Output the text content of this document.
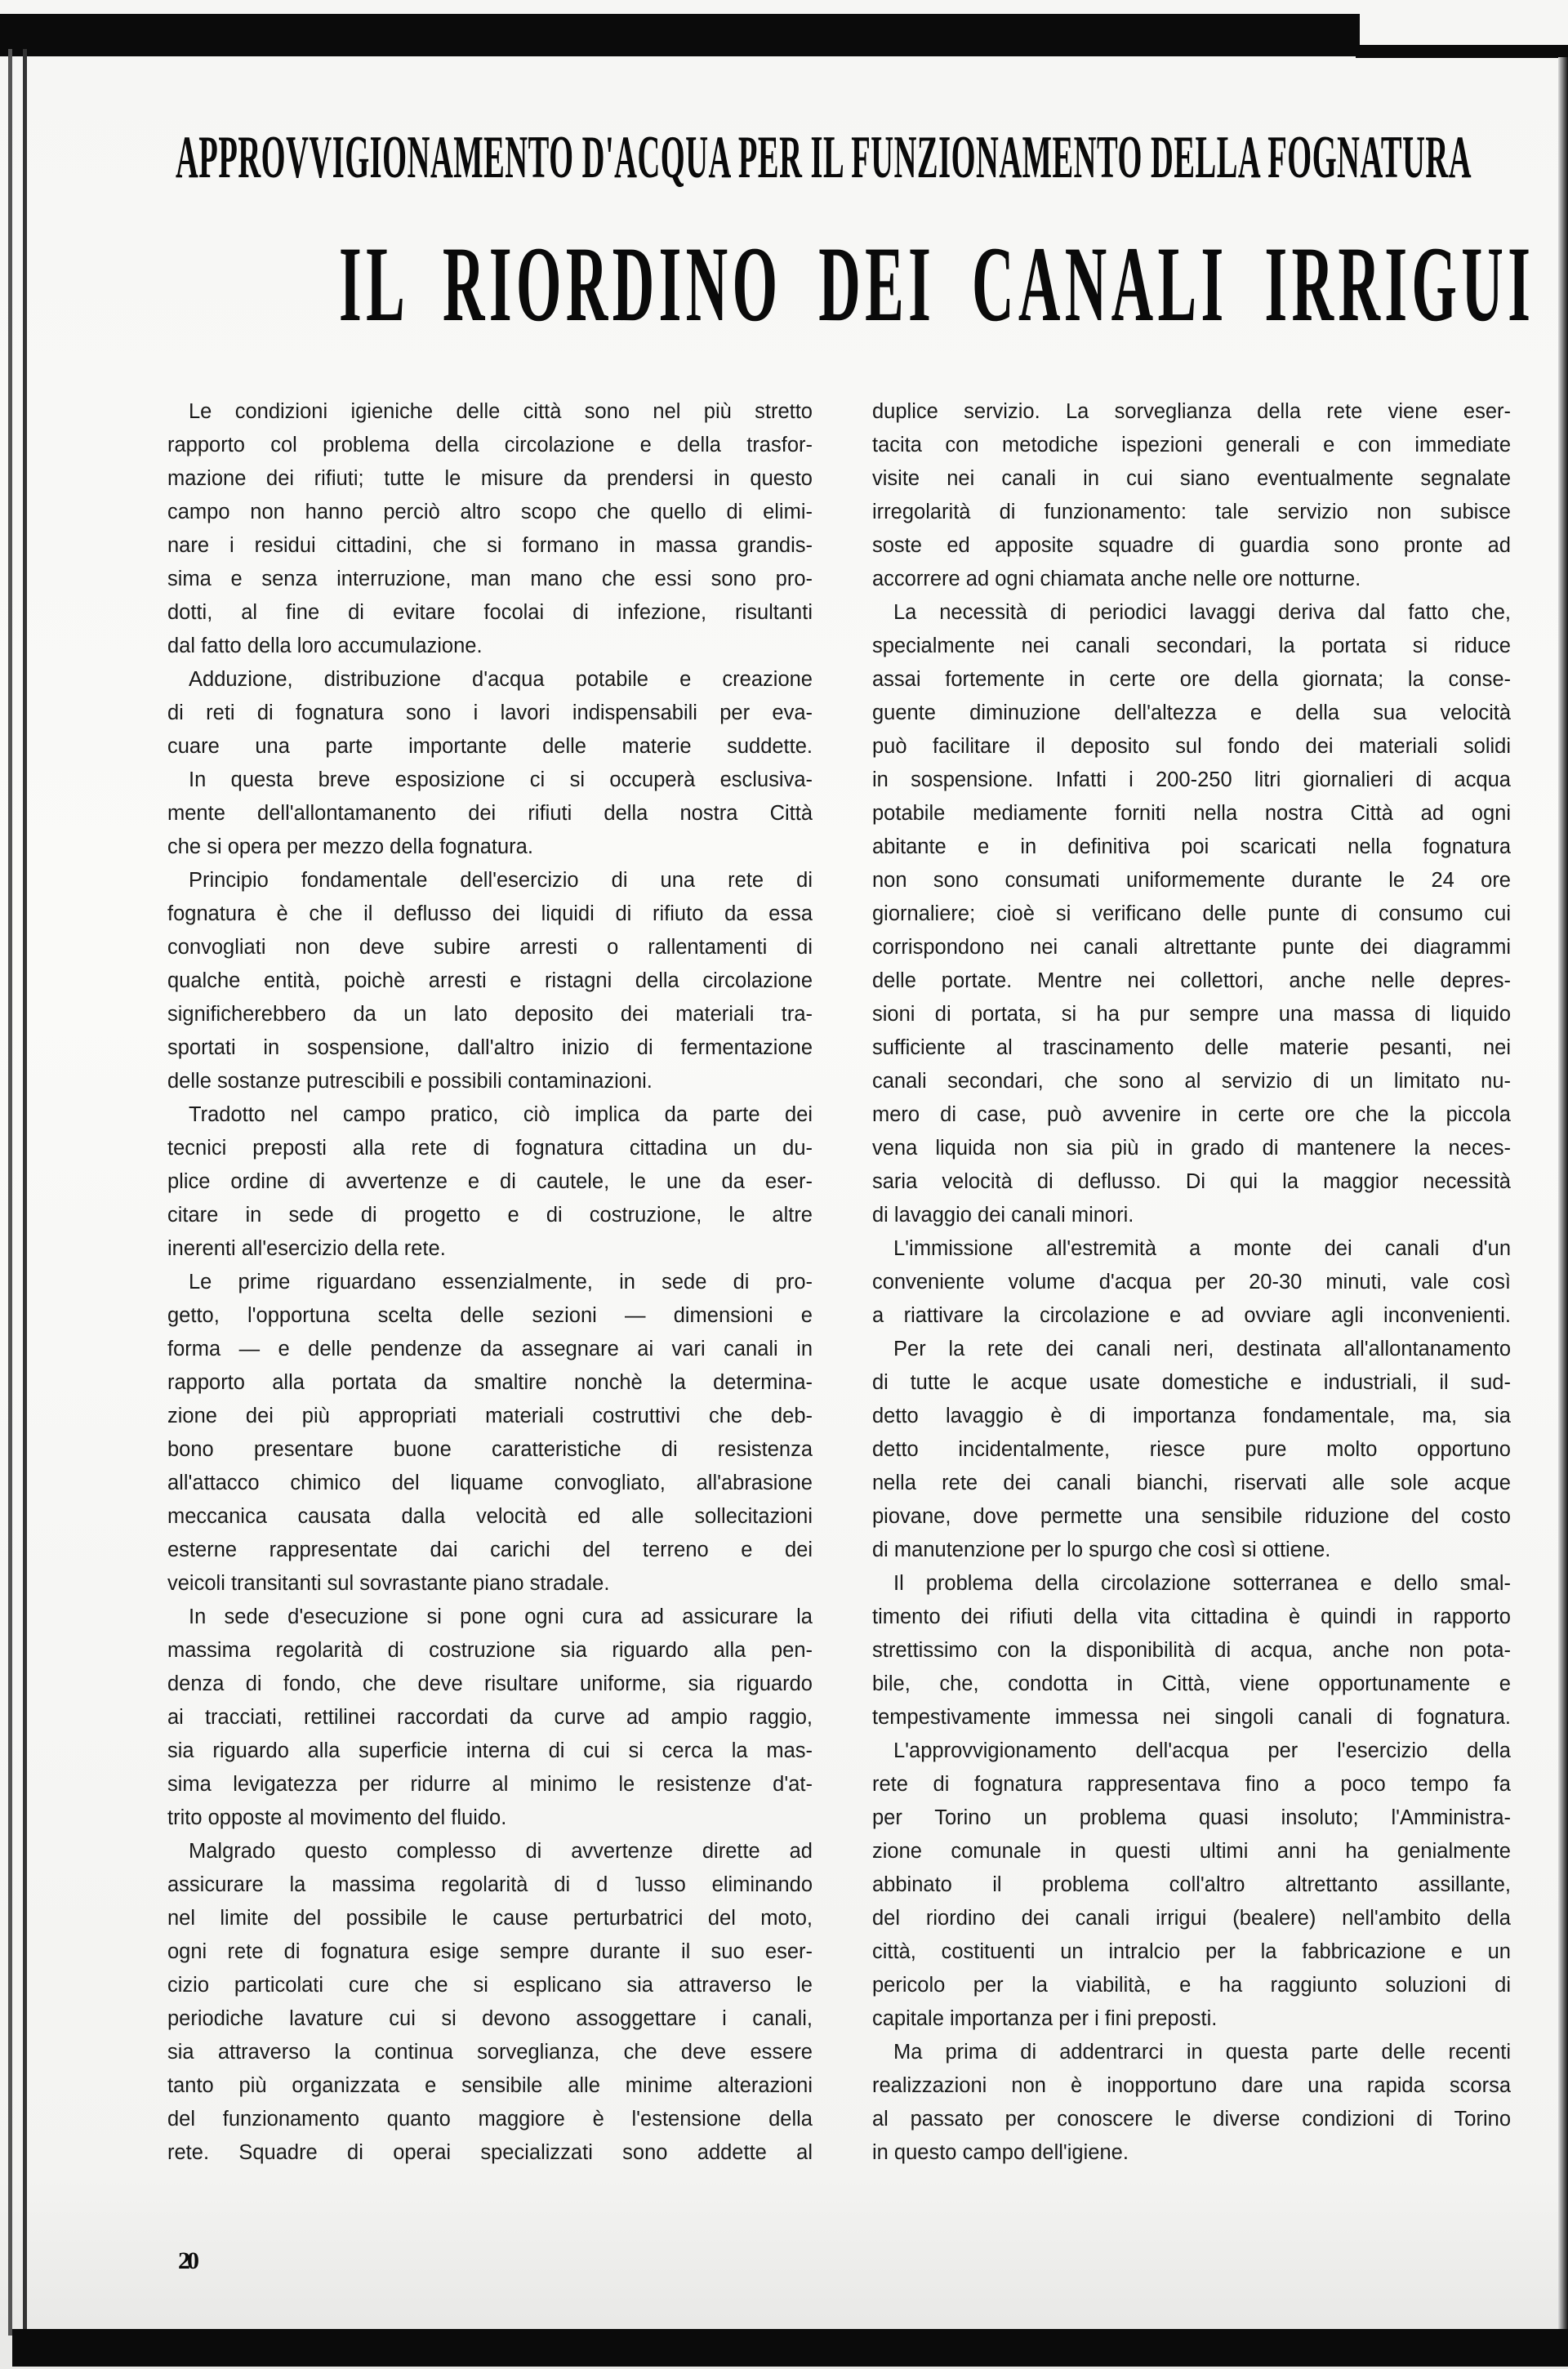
APPROVVIGIONAMENTO D'ACQUA PER IL FUNZIONAMENTO DELLA FOGNATURA
IL RIORDINO DEI CANALI IRRIGUI
Le condizioni igieniche delle città sono nel più stretto
rapporto col problema della circolazione e della trasfor-
mazione dei rifiuti; tutte le misure da prendersi in questo
campo non hanno perciò altro scopo che quello di elimi-
nare i residui cittadini, che si formano in massa grandis-
sima e senza interruzione, man mano che essi sono pro-
dotti, al fine di evitare focolai di infezione, risultanti
dal fatto della loro accumulazione.
Adduzione, distribuzione d'acqua potabile e creazione
di reti di fognatura sono i lavori indispensabili per eva-
cuare una parte importante delle materie suddette.
In questa breve esposizione ci si occuperà esclusiva-
mente dell'allontamanento dei rifiuti della nostra Città
che si opera per mezzo della fognatura.
Principio fondamentale dell'esercizio di una rete di
fognatura è che il deflusso dei liquidi di rifiuto da essa
convogliati non deve subire arresti o rallentamenti di
qualche entità, poichè arresti e ristagni della circolazione
significherebbero da un lato deposito dei materiali tra-
sportati in sospensione, dall'altro inizio di fermentazione
delle sostanze putrescibili e possibili contaminazioni.
Tradotto nel campo pratico, ciò implica da parte dei
tecnici preposti alla rete di fognatura cittadina un du-
plice ordine di avvertenze e di cautele, le une da eser-
citare in sede di progetto e di costruzione, le altre
inerenti all'esercizio della rete.
Le prime riguardano essenzialmente, in sede di pro-
getto, l'opportuna scelta delle sezioni — dimensioni e
forma — e delle pendenze da assegnare ai vari canali in
rapporto alla portata da smaltire nonchè la determina-
zione dei più appropriati materiali costruttivi che deb-
bono presentare buone caratteristiche di resistenza
all'attacco chimico del liquame convogliato, all'abrasione
meccanica causata dalla velocità ed alle sollecitazioni
esterne rappresentate dai carichi del terreno e dei
veicoli transitanti sul sovrastante piano stradale.
In sede d'esecuzione si pone ogni cura ad assicurare la
massima regolarità di costruzione sia riguardo alla pen-
denza di fondo, che deve risultare uniforme, sia riguardo
ai tracciati, rettilinei raccordati da curve ad ampio raggio,
sia riguardo alla superficie interna di cui si cerca la mas-
sima levigatezza per ridurre al minimo le resistenze d'at-
trito opposte al movimento del fluido.
Malgrado questo complesso di avvertenze dirette ad
assicurare la massima regolarità di d ˥usso eliminando
nel limite del possibile le cause perturbatrici del moto,
ogni rete di fognatura esige sempre durante il suo eser-
cizio particolati cure che si esplicano sia attraverso le
periodiche lavature cui si devono assoggettare i canali,
sia attraverso la continua sorveglianza, che deve essere
tanto più organizzata e sensibile alle minime alterazioni
del funzionamento quanto maggiore è l'estensione della
rete. Squadre di operai specializzati sono addette al
duplice servizio. La sorveglianza della rete viene eser-
tacita con metodiche ispezioni generali e con immediate
visite nei canali in cui siano eventualmente segnalate
irregolarità di funzionamento: tale servizio non subisce
soste ed apposite squadre di guardia sono pronte ad
accorrere ad ogni chiamata anche nelle ore notturne.
La necessità di periodici lavaggi deriva dal fatto che,
specialmente nei canali secondari, la portata si riduce
assai fortemente in certe ore della giornata; la conse-
guente diminuzione dell'altezza e della sua velocità
può facilitare il deposito sul fondo dei materiali solidi
in sospensione. Infatti i 200-250 litri giornalieri di acqua
potabile mediamente forniti nella nostra Città ad ogni
abitante e in definitiva poi scaricati nella fognatura
non sono consumati uniformemente durante le 24 ore
giornaliere; cioè si verificano delle punte di consumo cui
corrispondono nei canali altrettante punte dei diagrammi
delle portate. Mentre nei collettori, anche nelle depres-
sioni di portata, si ha pur sempre una massa di liquido
sufficiente al trascinamento delle materie pesanti, nei
canali secondari, che sono al servizio di un limitato nu-
mero di case, può avvenire in certe ore che la piccola
vena liquida non sia più in grado di mantenere la neces-
saria velocità di deflusso. Di qui la maggior necessità
di lavaggio dei canali minori.
L'immissione all'estremità a monte dei canali d'un
conveniente volume d'acqua per 20-30 minuti, vale così
a riattivare la circolazione e ad ovviare agli inconvenienti.
Per la rete dei canali neri, destinata all'allontanamento
di tutte le acque usate domestiche e industriali, il sud-
detto lavaggio è di importanza fondamentale, ma, sia
detto incidentalmente, riesce pure molto opportuno
nella rete dei canali bianchi, riservati alle sole acque
piovane, dove permette una sensibile riduzione del costo
di manutenzione per lo spurgo che così si ottiene.
Il problema della circolazione sotterranea e dello smal-
timento dei rifiuti della vita cittadina è quindi in rapporto
strettissimo con la disponibilità di acqua, anche non pota-
bile, che, condotta in Città, viene opportunamente e
tempestivamente immessa nei singoli canali di fognatura.
L'approvvigionamento dell'acqua per l'esercizio della
rete di fognatura rappresentava fino a poco tempo fa
per Torino un problema quasi insoluto; l'Amministra-
zione comunale in questi ultimi anni ha genialmente
abbinato il problema coll'altro altrettanto assillante,
del riordino dei canali irrigui (bealere) nell'ambito della
città, costituenti un intralcio per la fabbricazione e un
pericolo per la viabilità, e ha raggiunto soluzioni di
capitale importanza per i fini preposti.
Ma prima di addentrarci in questa parte delle recenti
realizzazioni non è inopportuno dare una rapida scorsa
al passato per conoscere le diverse condizioni di Torino
in questo campo dell'igiene.
20
